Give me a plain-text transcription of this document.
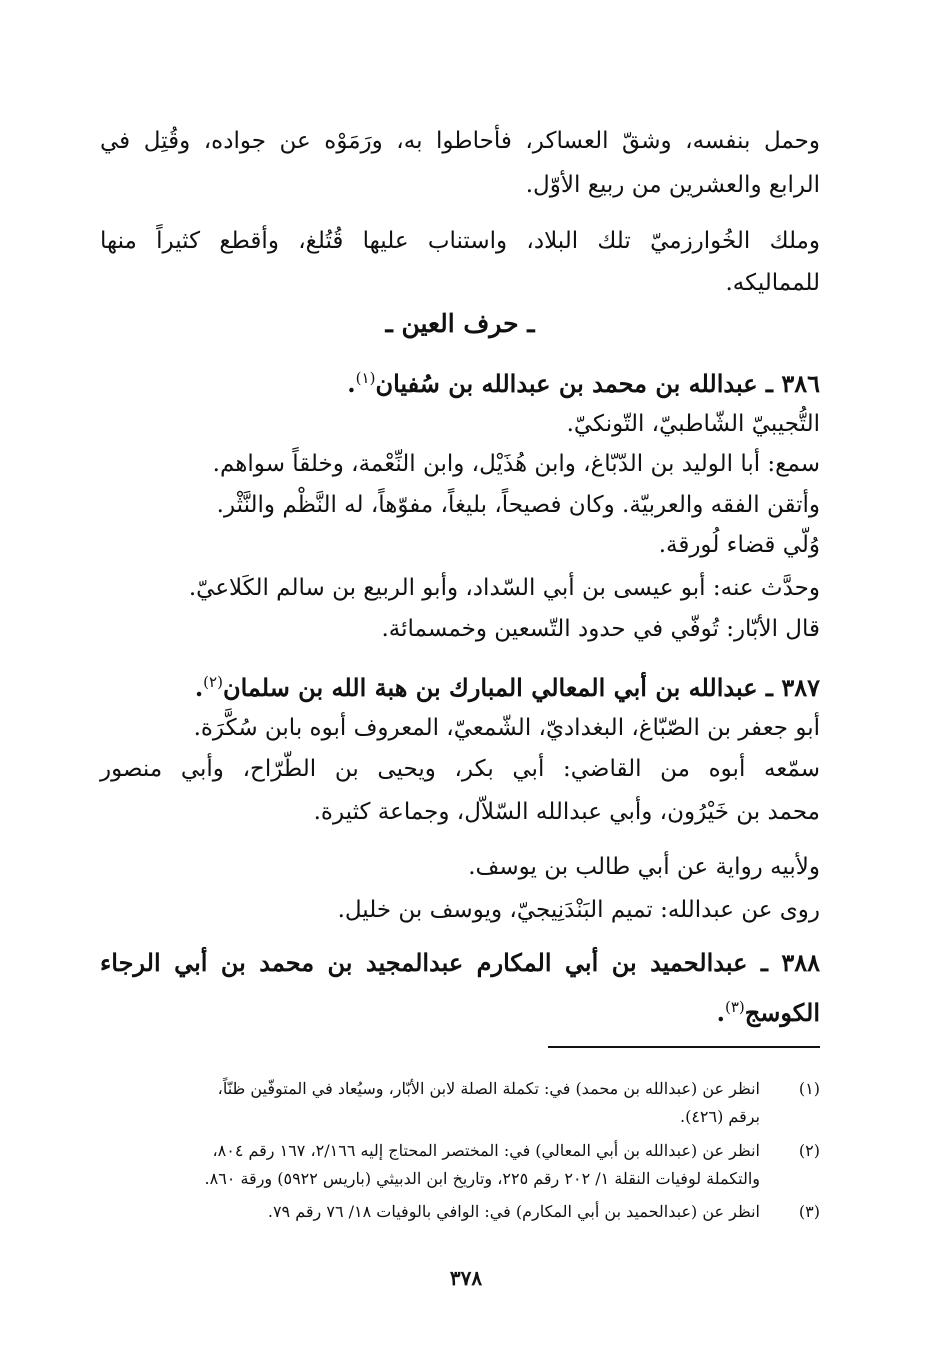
وحمل بنفسه، وشقّ العساكر، فأحاطوا به، ورَمَوْه عن جواده، وقُتِل في
الرابع والعشرين من ربيع الأوّل.
وملك الخُوارزميّ تلك البلاد، واستناب عليها قُتُلغ، وأقطع كثيراً منها
للمماليكه.
ـ حرف العين ـ
٣٨٦ ـ عبدالله بن محمد بن عبدالله بن سُفيان$^{(١)}$.
التُّجيبيّ الشّاطبيّ، التّونكيّ.
سمع: أبا الوليد بن الدّبّاغ، وابن هُذَيْل، وابن النِّعْمة، وخلقاً سواهم.
وأتقن الفقه والعربيّة. وكان فصيحاً، بليغاً، مفوّهاً، له النَّظْم والنَّثْر.
وُلّي قضاء لُورقة.
وحدَّث عنه: أبو عيسى بن أبي السّداد، وأبو الربيع بن سالم الكَلاعيّ.
قال الأبّار: تُوفّي في حدود التّسعين وخمسمائة.
٣٨٧ ـ عبدالله بن أبي المعالي المبارك بن هبة الله بن سلمان$^{(٢)}$.
أبو جعفر بن الصّبّاغ، البغداديّ، الشّمعيّ، المعروف أبوه بابن سُكَّرَة.
سمّعه أبوه من القاضي: أبي بكر، ويحيى بن الطّرّاح، وأبي منصور
محمد بن خَيْرُون، وأبي عبدالله السّلاّل، وجماعة كثيرة.
ولأبيه رواية عن أبي طالب بن يوسف.
روى عن عبدالله: تميم البَنْدَنِيجيّ، ويوسف بن خليل.
٣٨٨ ـ عبدالحميد بن أبي المكارم عبدالمجيد بن محمد بن أبي الرجاء
الكوسج$^{(٣)}$.
(١)انظر عن (عبدالله بن محمد) في: تكملة الصلة لابن الأبّار، وسيُعاد في المتوفّين ظنّاً،
برقم (٤٢٦).
(٢)انظر عن (عبدالله بن أبي المعالي) في: المختصر المحتاج إليه ٢/١٦٦، ١٦٧ رقم ٨٠٤،
والتكملة لوفيات النقلة ١/ ٢٠٢ رقم ٢٢٥، وتاريخ ابن الدبيثي (باريس ٥٩٢٢) ورقة ٨٦٠.
(٣)انظر عن (عبدالحميد بن أبي المكارم) في: الوافي بالوفيات ١٨/ ٧٦ رقم ٧٩.
٣٧٨
